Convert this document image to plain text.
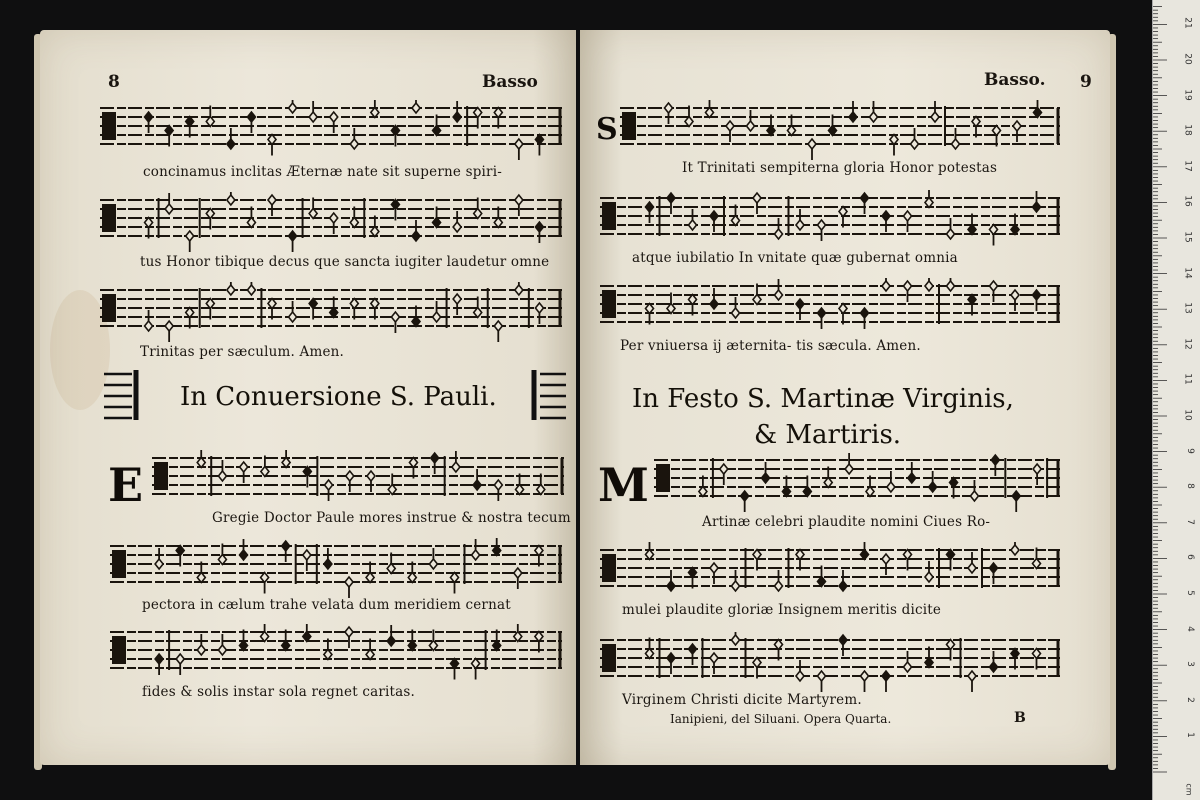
8	Basso
concinamus inclitas Æternæ nate sit superne spiri-
tus Honor tibique decus que sancta iugiter laudetur omne
Trinitas per sæculum. Amen.
In Conuersione S. Pauli.
E
Gregie Doctor Paule mores instrue & nostra tecum
pectora in cælum trahe velata dum meridiem cernat
fides & solis instar sola regnet caritas.
9
Basso.
S
It Trinitati sempiterna gloria Honor potestas
atque iubilatio In vnitate quæ gubernat omnia
Per vniuersa ij æternita- tis sæcula. Amen.
In Festo S. Martinæ Virginis,
& Martiris.
M
Artinæ celebri plaudite nomini Ciues Ro-
mulei plaudite gloriæ Insignem meritis dicite
Virginem Christi dicite Martyrem.
Ianipieni, del Siluani. Opera Quarta.	B
cm
1
2
3
4
5
6
7
8
9
10
11
12
13
14
15
16
17
18
19
20
21
